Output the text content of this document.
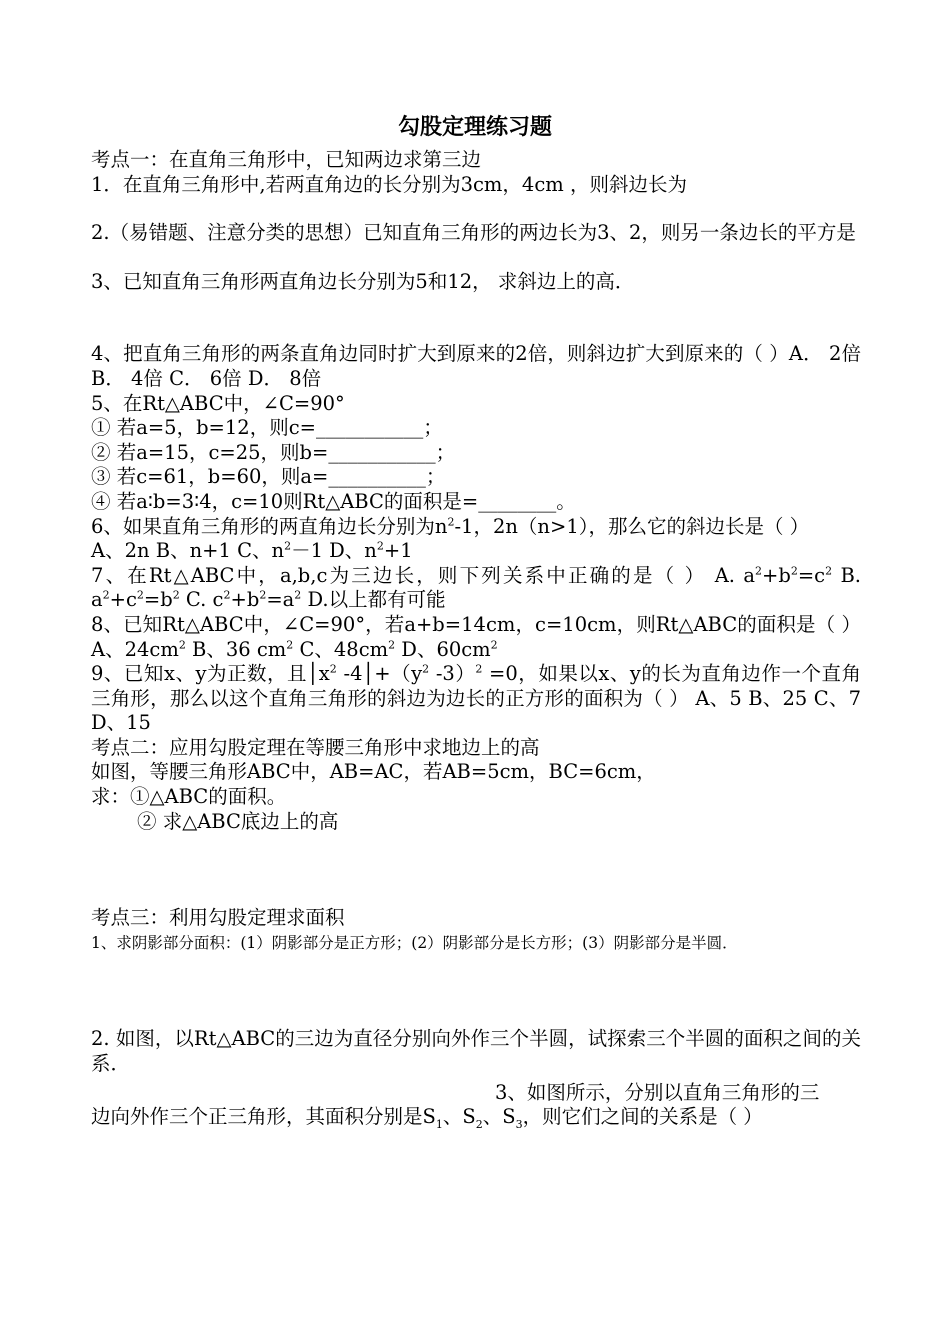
勾股定理练习题
考点一：在直角三角形中，已知两边求第三边
1．在直角三角形中,若两直角边的长分别为3cm，4cm ，则斜边长为
2.（易错题、注意分类的思想）已知直角三角形的两边长为3、2，则另一条边长的平方是
3、已知直角三角形两直角边长分别为5和12， 求斜边上的高．
4、把直角三角形的两条直角边同时扩大到原来的2倍，则斜边扩大到原来的（ ）A． 2倍 B． 4倍 C． 6倍 D． 8倍
5、在Rt△ABC中，∠C=90°
① 若a=5，b=12，则c=___________；
② 若a=15，c=25，则b=___________；
③ 若c=61，b=60，则a=__________；
④ 若a∶b=3∶4，c=10则Rt△ABC的面积是=________。
6、如果直角三角形的两直角边长分别为$n^2-1$，2n（n>1），那么它的斜边长是（ ）
A、2n B、n+1 C、$n^2-1$ D、$n^2+1$
7、在Rt△ABC中，a,b,c为三边长，则下列关系中正确的是（ ） A. $a^2+b^2=c^2$ B. $a^2+c^2=b^2$ C. $c^2+b^2=a^2$ D.以上都有可能
8、已知Rt△ABC中，∠C=90°，若a+b=14cm，c=10cm，则Rt△ABC的面积是（ ）A、$24cm^2$ B、36 $cm^2$ C、$48cm^2$ D、$60cm^2$
9、已知x、y为正数，且$│x^2$ $-4│+(y^2$ -3）$^2$ =0，如果以x、y的长为直角边作一个直角三角形，那么以这个直角三角形的斜边为边长的正方形的面积为（ ） A、5 B、25 C、7 D、15
考点二：应用勾股定理在等腰三角形中求地边上的高
如图，等腰三角形ABC中，AB=AC，若AB=5cm，BC=6cm，
求：①△ABC的面积。
② 求△ABC底边上的高
考点三：利用勾股定理求面积
1、求阴影部分面积：(1）阴影部分是正方形；(2）阴影部分是长方形；(3）阴影部分是半圆．
2. 如图，以Rt△ABC的三边为直径分别向外作三个半圆，试探索三个半圆的面积之间的关系．
3、如图所示，分别以直角三角形的三
边向外作三个正三角形，其面积分别是$S_1$、$S_2$、$S_3$，则它们之间的关系是（ ）
